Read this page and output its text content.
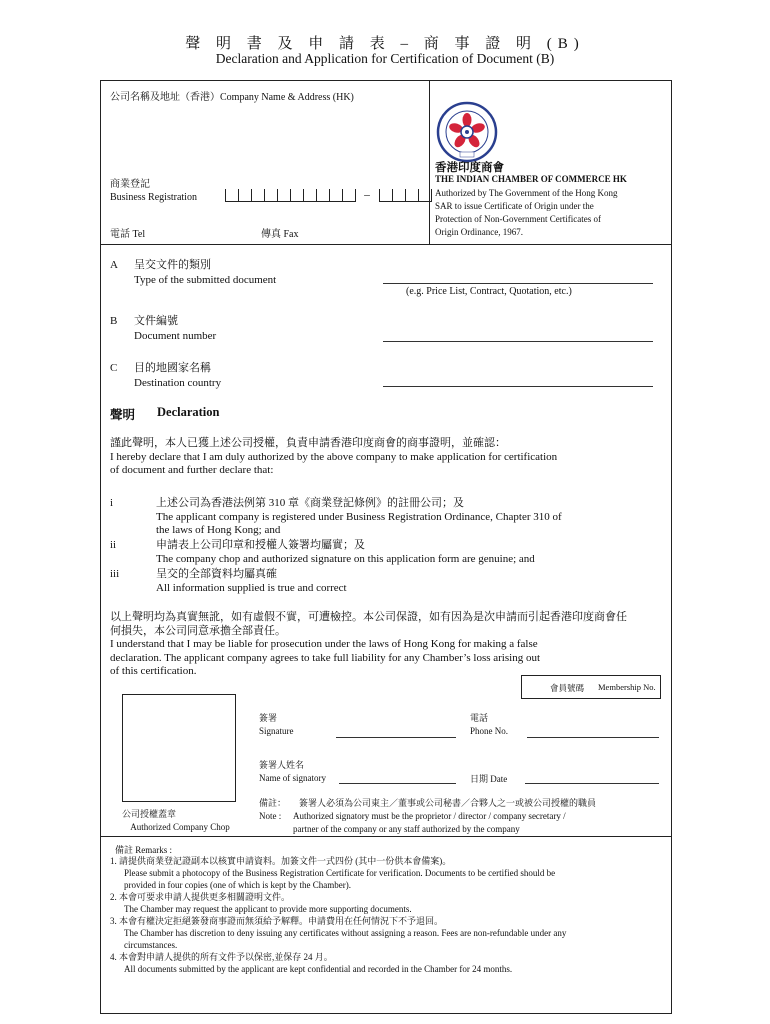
聲 明 書 及 申 請 表 – 商 事 證 明 (B)
Declaration and Application for Certification of Document (B)
公司名稱及地址（香港）Company Name & Address (HK)
商業登記
Business Registration	–
電話 Tel	傳真 Fax
香港印度商會
THE INDIAN CHAMBER OF COMMERCE HK
Authorized by The Government of the Hong Kong
SAR to issue Certificate of Origin under the
Protection of Non-Government Certificates of
Origin Ordinance, 1967.
A 呈交文件的類別
Type of the submitted document
(e.g. Price List, Contract, Quotation, etc.)
B 文件編號
Document number
C 目的地國家名稱
Destination country
聲明 Declaration
謹此聲明，本人已獲上述公司授權，負責申請香港印度商會的商事證明，並確認：
I hereby declare that I am duly authorized by the above company to make application for certification
of document and further declare that:
i	上述公司為香港法例第 310 章《商業登記條例》的註冊公司；及
The applicant company is registered under Business Registration Ordinance, Chapter 310 of
the laws of Hong Kong; and
ii	申請表上公司印章和授權人簽署均屬實；及
The company chop and authorized signature on this application form are genuine; and
iii	呈交的全部資料均屬真確
All information supplied is true and correct
以上聲明均為真實無訛，如有虛假不實，可遭檢控。本公司保證，如有因為是次申請而引起香港印度商會任
何損失，本公司同意承擔全部責任。
I understand that I may be liable for prosecution under the laws of Hong Kong for making a false
declaration. The applicant company agrees to take full liability for any Chamber’s loss arising out
of this certification.
會員號碼 Membership No.
公司授權蓋章
Authorized Company Chop
簽署
Signature
電話
Phone No.
簽署人姓名
Name of signatory	日期 Date
備註： 簽署人必須為公司東主／董事或公司秘書／合夥人之一或被公司授權的職員
Note : Authorized signatory must be the proprietor / director / company secretary /
partner of the company or any staff authorized by the company
備註 Remarks :
1. 請提供商業登記證副本以核實申請資料。加簽文件一式四份 (其中一份供本會備案)。
Please submit a photocopy of the Business Registration Certificate for verification. Documents to be certified should be
provided in four copies (one of which is kept by the Chamber).
2. 本會可要求申請人提供更多相關證明文件。
The Chamber may request the applicant to provide more supporting documents.
3. 本會有權決定拒絕簽發商事證而無須給予解釋。申請費用在任何情況下不予退回。
The Chamber has discretion to deny issuing any certificates without assigning a reason. Fees are non-refundable under any
circumstances.
4. 本會對申請人提供的所有文件予以保密,並保存 24 月。
All documents submitted by the applicant are kept confidential and recorded in the Chamber for 24 months.
